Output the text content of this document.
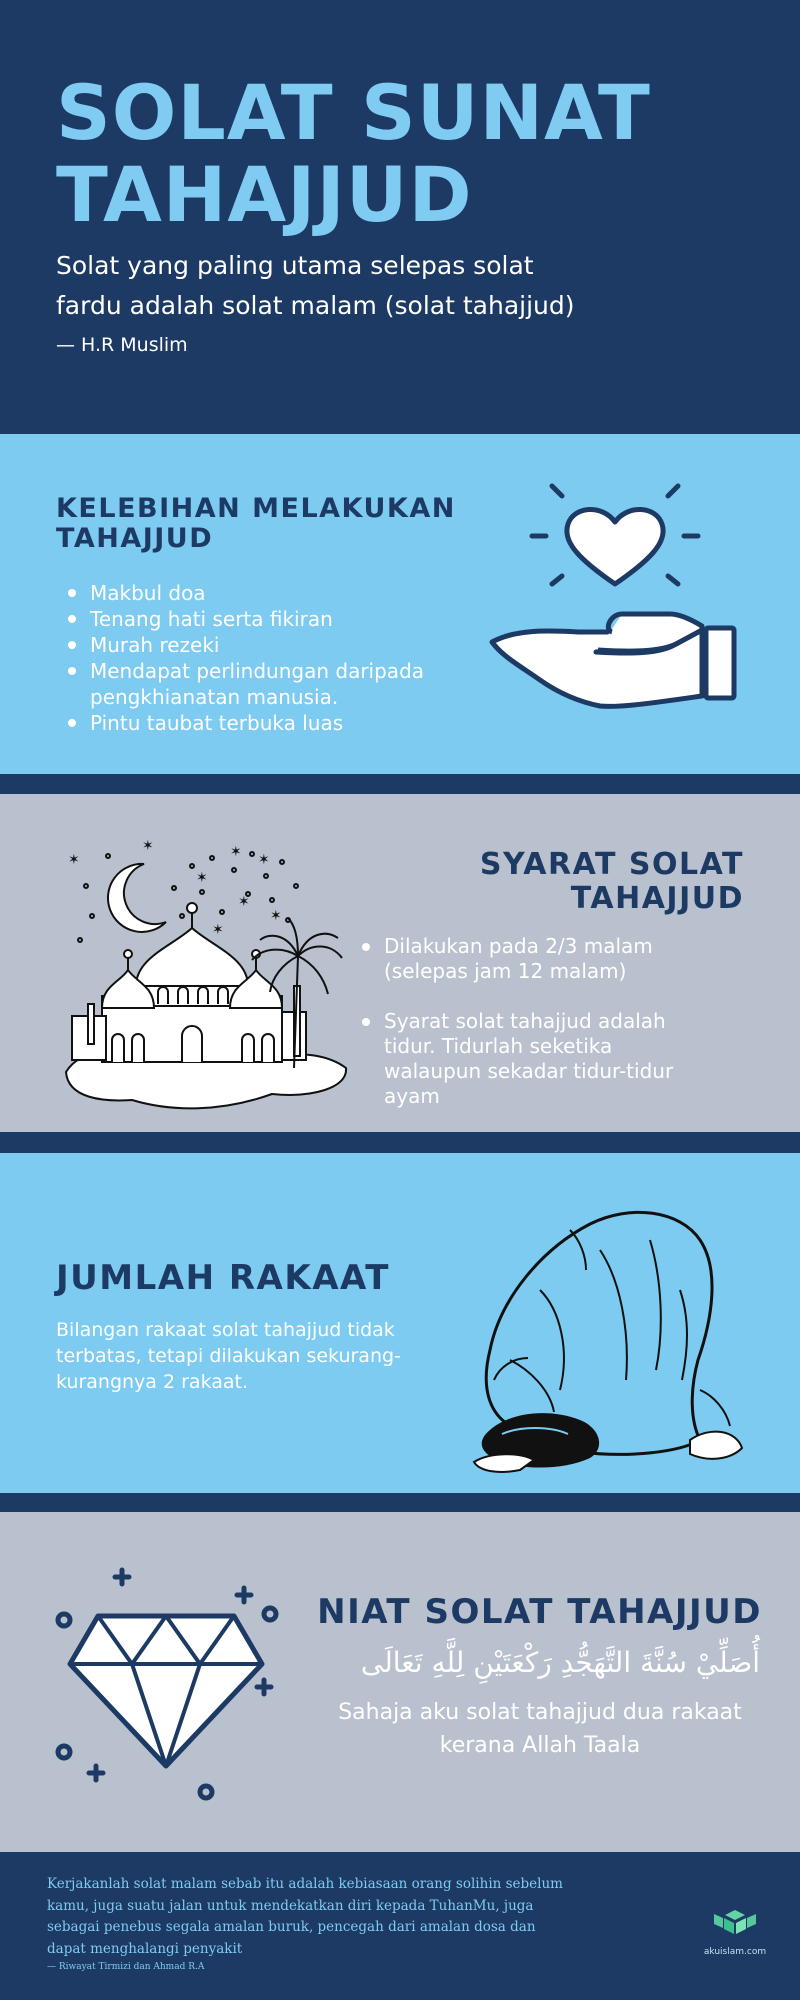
SOLAT SUNAT
TAHAJJUD
Solat yang paling utama selepas solat
fardu adalah solat malam (solat tahajjud)
— H.R Muslim
KELEBIHAN MELAKUKAN
TAHAJJUD
Makbul doa
Tenang hati serta fikiran
Murah rezeki
Mendapat perlindungan daripada pengkhianatan manusia.
Pintu taubat terbuka luas
SYARAT SOLAT
TAHAJJUD
Dilakukan pada 2/3 malam (selepas jam 12 malam)
Syarat solat tahajjud adalah tidur. Tidurlah seketika walaupun sekadar tidur-tidur ayam
✶
✶
✶ ✶
✶
✶
✶
✶
JUMLAH RAKAAT
Bilangan rakaat solat tahajjud tidak terbatas, tetapi dilakukan sekurang-kurangnya 2 rakaat.
NIAT SOLAT TAHAJJUD
أُصَلِّيْ سُنَّةَ التَّهَجُّدِ رَكْعَتَيْنِ لِلَّهِ تَعَالَى
Sahaja aku solat tahajjud dua rakaat kerana Allah Taala
Kerjakanlah solat malam sebab itu adalah kebiasaan orang solihin sebelum kamu, juga suatu jalan untuk mendekatkan diri kepada TuhanMu, juga sebagai penebus segala amalan buruk, pencegah dari amalan dosa dan dapat menghalangi penyakit
— Riwayat Tirmizi dan Ahmad R.A
akuislam.com
